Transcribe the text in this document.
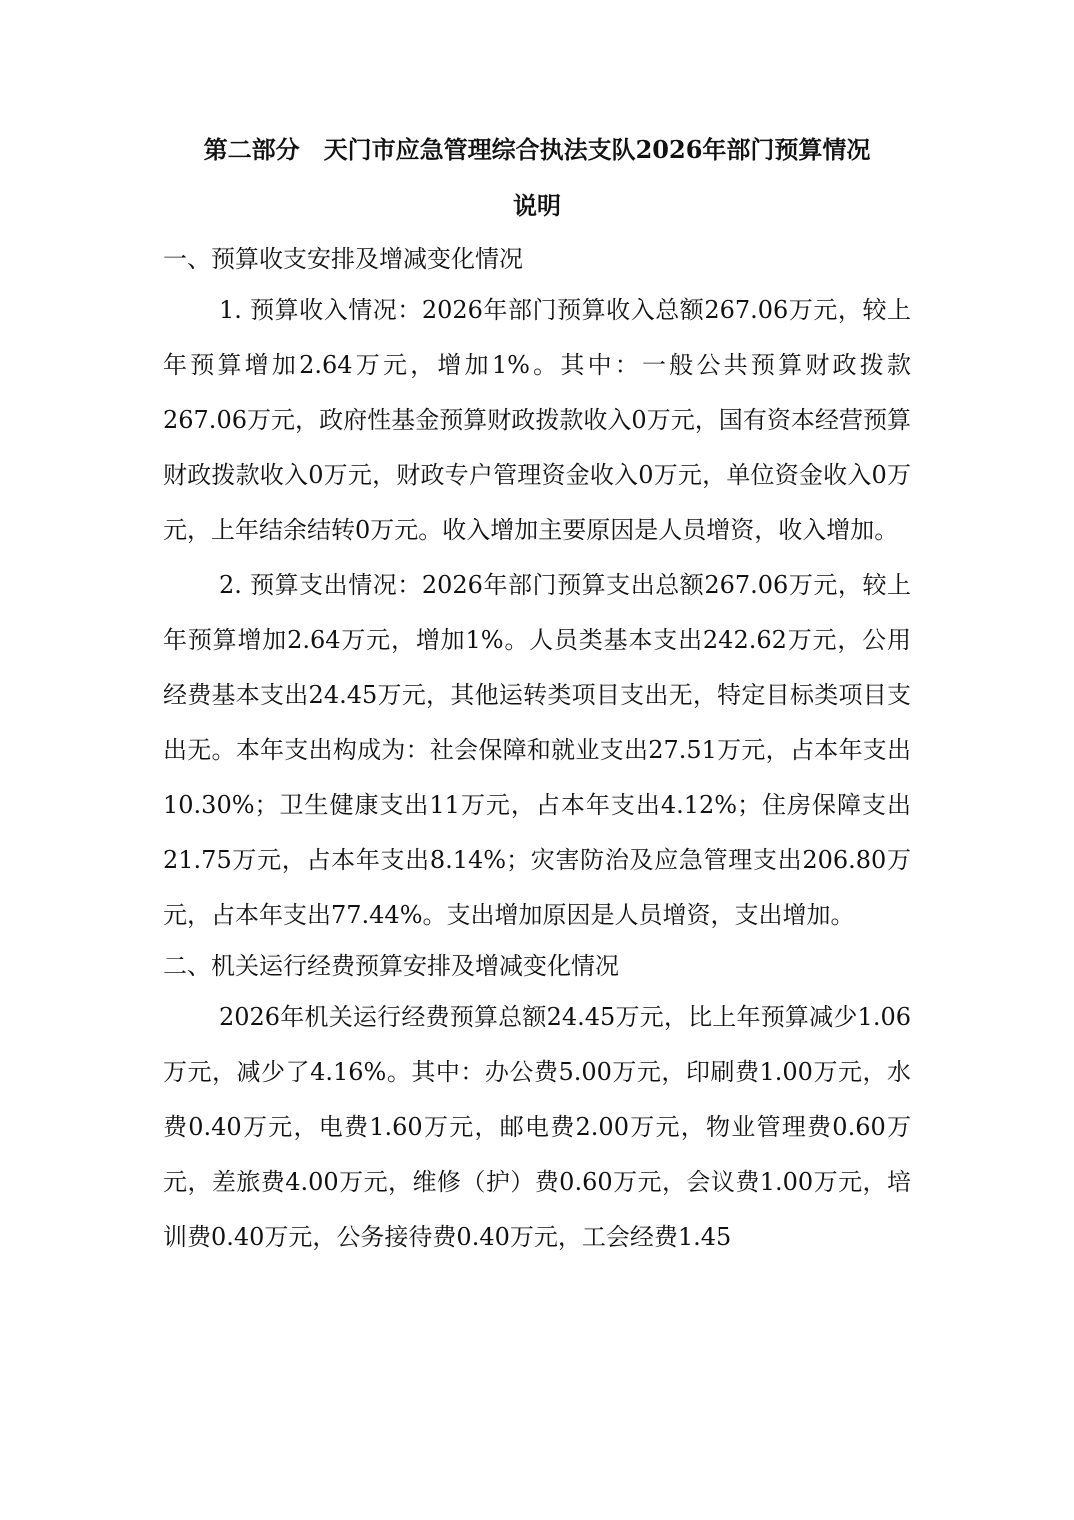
第二部分　天门市应急管理综合执法支队2026年部门预算情况
说明

一、预算收支安排及增减变化情况

1. 预算收入情况：2026年部门预算收入总额267.06万元，较上年预算增加2.64万元，增加1%。其中：一般公共预算财政拨款267.06万元，政府性基金预算财政拨款收入0万元，国有资本经营预算财政拨款收入0万元，财政专户管理资金收入0万元，单位资金收入0万元，上年结余结转0万元。收入增加主要原因是人员增资，收入增加。

2. 预算支出情况：2026年部门预算支出总额267.06万元，较上年预算增加2.64万元，增加1%。人员类基本支出242.62万元，公用经费基本支出24.45万元，其他运转类项目支出无，特定目标类项目支出无。本年支出构成为：社会保障和就业支出27.51万元，占本年支出10.30%；卫生健康支出11万元，占本年支出4.12%；住房保障支出21.75万元，占本年支出8.14%；灾害防治及应急管理支出206.80万元，占本年支出77.44%。支出增加原因是人员增资，支出增加。

二、机关运行经费预算安排及增减变化情况

2026年机关运行经费预算总额24.45万元，比上年预算减少1.06万元，减少了4.16%。其中：办公费5.00万元，印刷费1.00万元，水费0.40万元，电费1.60万元，邮电费2.00万元，物业管理费0.60万元，差旅费4.00万元，维修（护）费0.60万元，会议费1.00万元，培训费0.40万元，公务接待费0.40万元，工会经费1.45
